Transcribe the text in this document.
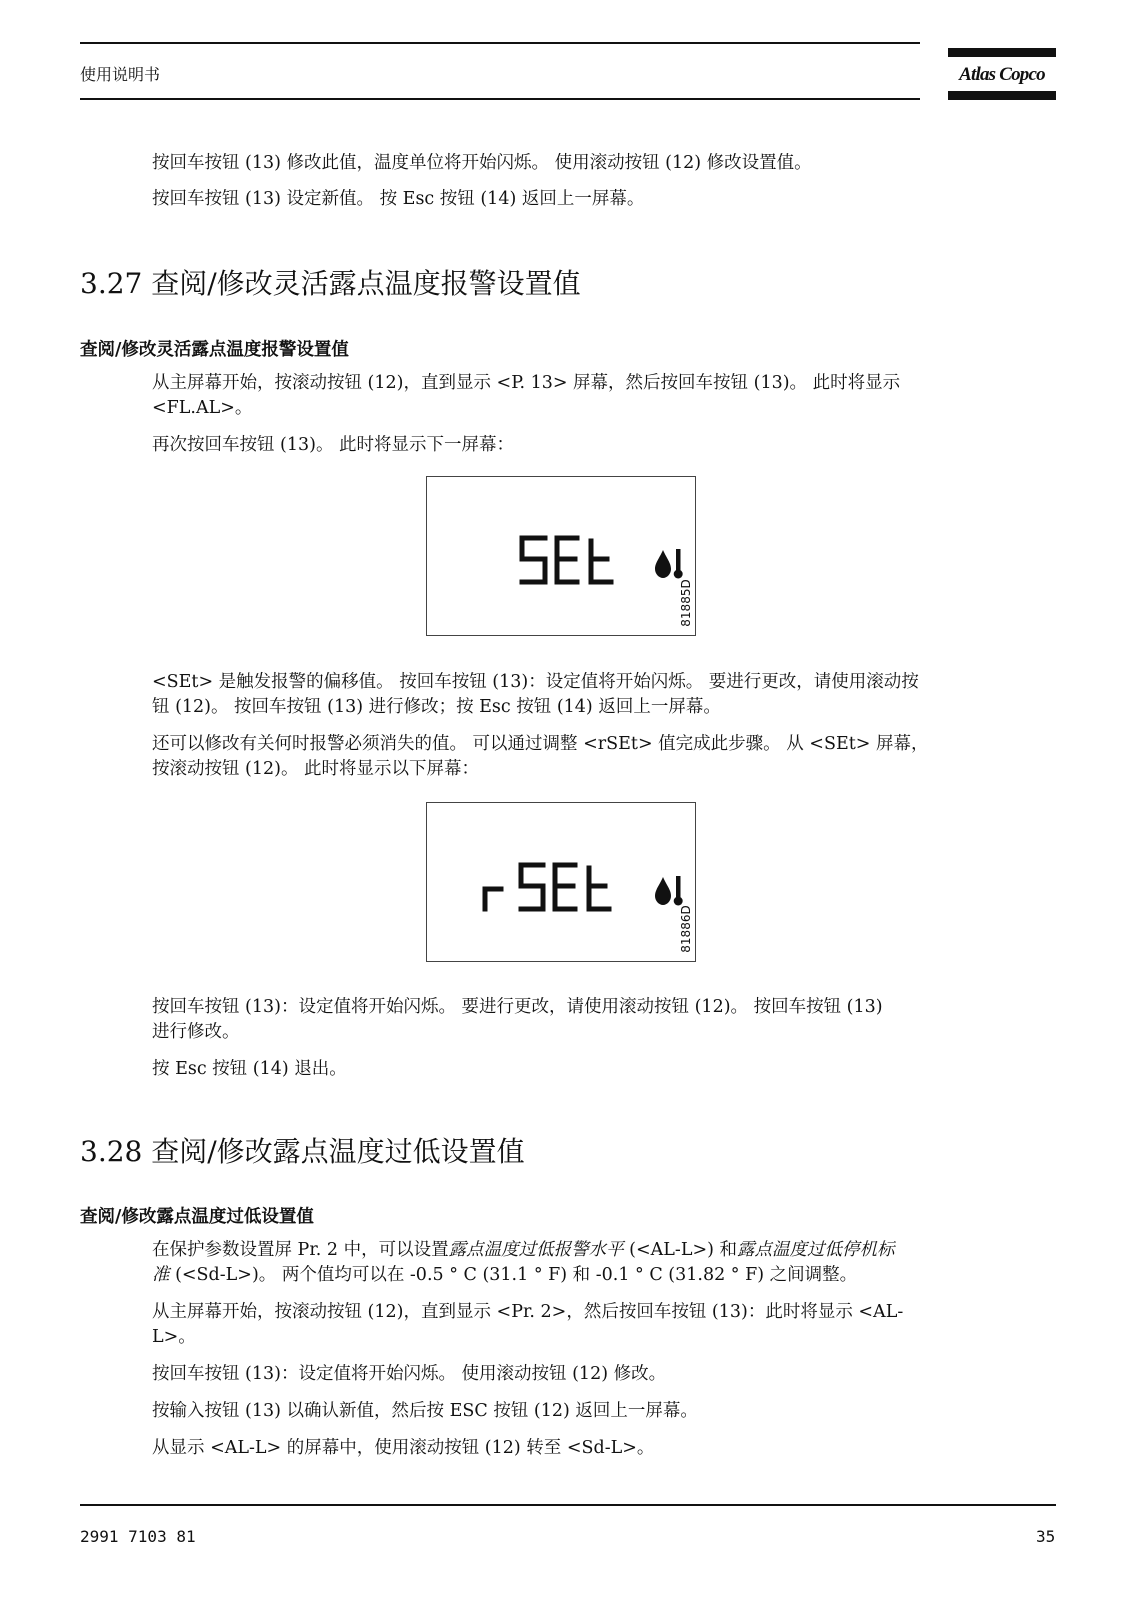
使用说明书	Atlas Copco

按回车按钮 (13) 修改此值，温度单位将开始闪烁。 使用滚动按钮 (12) 修改设置值。

按回车按钮 (13) 设定新值。 按 Esc 按钮 (14) 返回上一屏幕。

3.27 查阅/修改灵活露点温度报警设置值
查阅/修改灵活露点温度报警设置值

从主屏幕开始，按滚动按钮 (12)，直到显示 <P. 13> 屏幕，然后按回车按钮 (13)。 此时将显示

<FL.AL>。

再次按回车按钮 (13)。 此时将显示下一屏幕：

81885D

<SEt> 是触发报警的偏移值。 按回车按钮 (13)：设定值将开始闪烁。 要进行更改，请使用滚动按

钮 (12)。 按回车按钮 (13) 进行修改；按 Esc 按钮 (14) 返回上一屏幕。

还可以修改有关何时报警必须消失的值。 可以通过调整 <rSEt> 值完成此步骤。 从 <SEt> 屏幕，

按滚动按钮 (12)。 此时将显示以下屏幕：

81886D

按回车按钮 (13)：设定值将开始闪烁。 要进行更改，请使用滚动按钮 (12)。 按回车按钮 (13)

进行修改。

按 Esc 按钮 (14) 退出。

3.28 查阅/修改露点温度过低设置值
查阅/修改露点温度过低设置值

在保护参数设置屏 Pr. 2 中，可以设置露点温度过低报警水平 (<AL-L>) 和露点温度过低停机标

准 (<Sd-L>)。 两个值均可以在 -0.5 ° C (31.1 ° F) 和 -0.1 ° C (31.82 ° F) 之间调整。

从主屏幕开始，按滚动按钮 (12)，直到显示 <Pr. 2>，然后按回车按钮 (13)：此时将显示 <AL-

L>。

按回车按钮 (13)：设定值将开始闪烁。 使用滚动按钮 (12) 修改。

按输入按钮 (13) 以确认新值，然后按 ESC 按钮 (12) 返回上一屏幕。

从显示 <AL-L> 的屏幕中，使用滚动按钮 (12) 转至 <Sd-L>。

2991 7103 81	35
